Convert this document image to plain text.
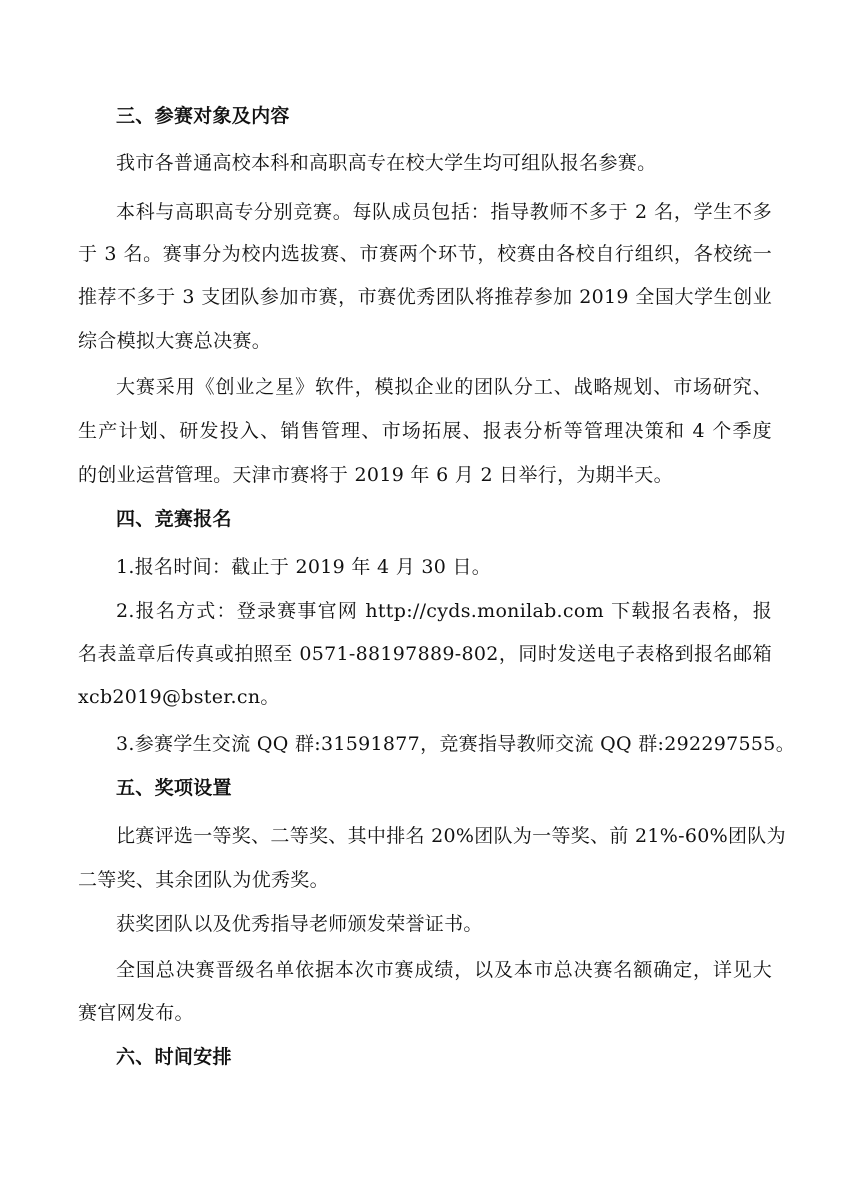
三、参赛对象及内容
我市各普通高校本科和高职高专在校大学生均可组队报名参赛。
本科与高职高专分别竞赛。每队成员包括：指导教师不多于 2 名，学生不多
于 3 名。赛事分为校内选拔赛、市赛两个环节，校赛由各校自行组织，各校统一
推荐不多于 3 支团队参加市赛，市赛优秀团队将推荐参加 2019 全国大学生创业
综合模拟大赛总决赛。
大赛采用《创业之星》软件，模拟企业的团队分工、战略规划、市场研究、
生产计划、研发投入、销售管理、市场拓展、报表分析等管理决策和 4 个季度
的创业运营管理。天津市赛将于 2019 年 6 月 2 日举行，为期半天。
四、竞赛报名
1.报名时间：截止于 2019 年 4 月 30 日。
2.报名方式：登录赛事官网 http://cyds.monilab.com 下载报名表格，报
名表盖章后传真或拍照至 0571-88197889-802，同时发送电子表格到报名邮箱
xcb2019@bster.cn。
3.参赛学生交流 QQ 群:31591877，竞赛指导教师交流 QQ 群:292297555。
五、奖项设置
比赛评选一等奖、二等奖、其中排名 20%团队为一等奖、前 21%-60%团队为
二等奖、其余团队为优秀奖。
获奖团队以及优秀指导老师颁发荣誉证书。
全国总决赛晋级名单依据本次市赛成绩，以及本市总决赛名额确定，详见大
赛官网发布。
六、时间安排
